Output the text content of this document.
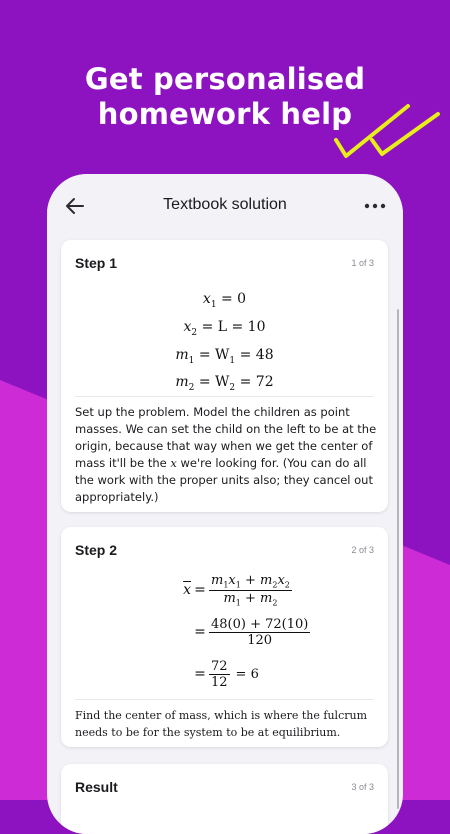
Get personalised
homework help
Textbook solution
Step 1	1 of 3
$x_1 = 0$
$x_2 = L = 10$
$m_1 = W_1 = 48$
$m_2 = W_2 = 72$
Set up the problem. Model the children as point masses. We can set the child on the left to be at the origin, because that way when we get the center of mass it'll be the x we're looking for. (You can do all the work with the proper units also; they cancel out appropriately.)
Step 2	2 of 3
$\overline{x} = \frac{m_1x_1 + m_2x_2}{m_1 + m_2}$
= $\frac{48(0) + 72(10)}{120}$
= $\frac{72}{12} = 6$
Find the center of mass, which is where the fulcrum needs to be for the system to be at equilibrium.
Result	3 of 3
